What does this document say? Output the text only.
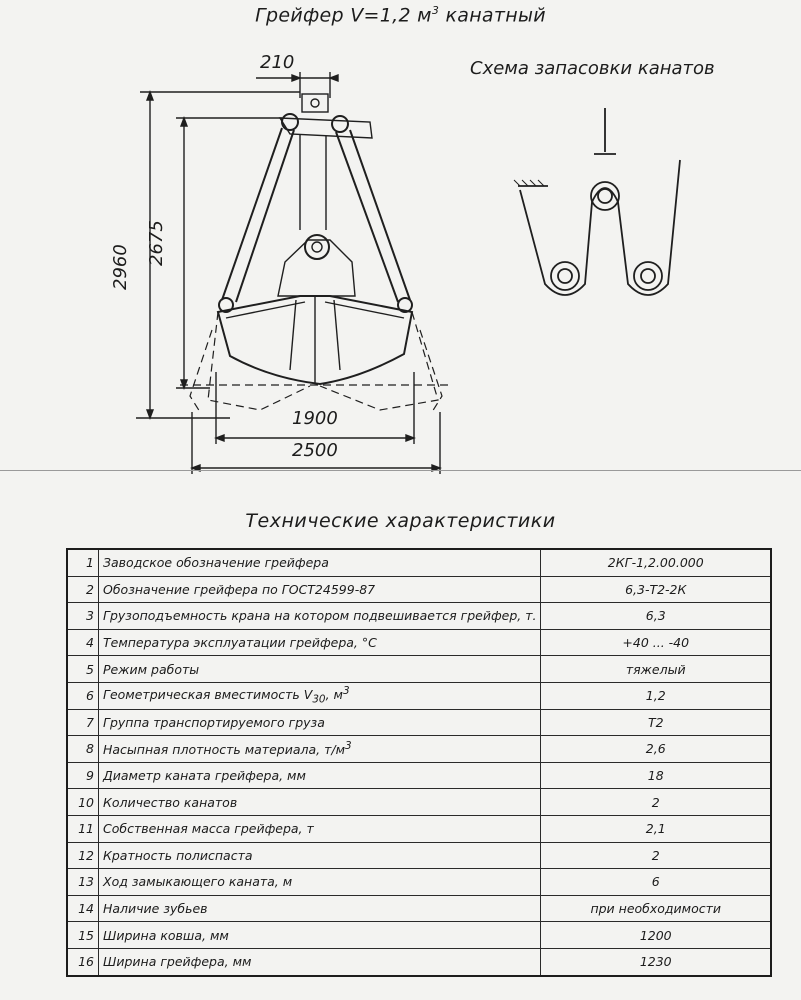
Грейфер V=1,2 $м^3$ канатный
Схема запасовки канатов
210
2960
2675
1900
2500
Технические характеристики
1	Заводское обозначение грейфера	2КГ-1,2.00.000
2	Обозначение грейфера по ГОСТ24599-87	6,3-Т2-2К
3	Грузоподъемность крана на котором подвешивается грейфер, т.	6,3
4	Температура эксплуатации грейфера, °С	+40 ... -40
5	Режим работы	тяжелый
6	Геометрическая вместимость $V_{30}$, $м^3$	1,2
7	Группа транспортируемого груза	Т2
8	Насыпная плотность материала, $т/м^3$	2,6
9	Диаметр каната грейфера, мм	18
10	Количество канатов	2
11	Собственная масса грейфера, т	2,1
12	Кратность полиспаста	2
13	Ход замыкающего каната, м	6
14	Наличие зубьев	при необходимости
15	Ширина ковша, мм	1200
16	Ширина грейфера, мм	1230
